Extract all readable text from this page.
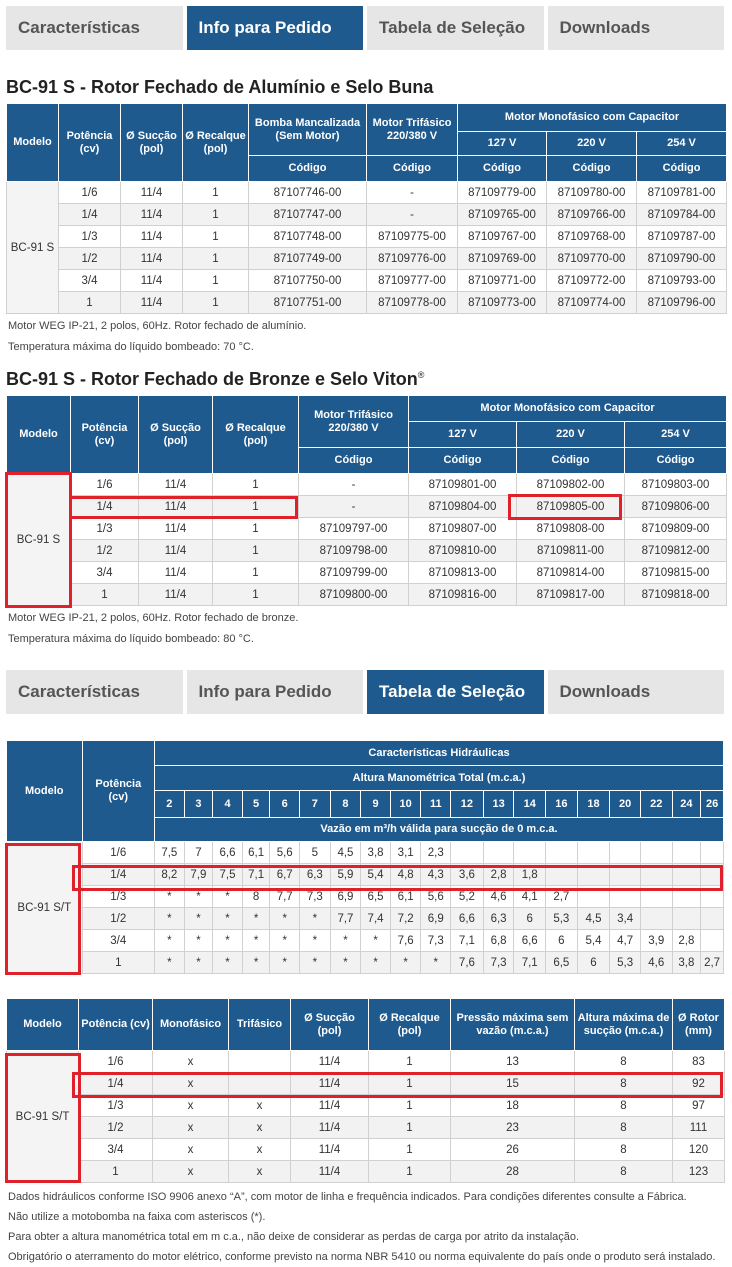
Características	Info para Pedido	Tabela de Seleção	Downloads
BC-91 S - Rotor Fechado de Alumínio e Selo Buna
Modelo	Potência (cv)	Ø Sucção (pol)	Ø Recalque (pol)	Bomba Mancalizada (Sem Motor)	Motor Trifásico 220/380 V	Motor Monofásico com Capacitor		
						127 V	220 V	254 V
				Código	Código	Código	Código	Código
BC-91 S	1/6	11/4	1	87107746-00	-	87109779-00	87109780-00	87109781-00
	1/4	11/4	1	87107747-00	-	87109765-00	87109766-00	87109784-00
	1/3	11/4	1	87107748-00	87109775-00	87109767-00	87109768-00	87109787-00
	1/2	11/4	1	87107749-00	87109776-00	87109769-00	87109770-00	87109790-00
	3/4	11/4	1	87107750-00	87109777-00	87109771-00	87109772-00	87109793-00
	1	11/4	1	87107751-00	87109778-00	87109773-00	87109774-00	87109796-00
Motor WEG IP-21, 2 polos, 60Hz. Rotor fechado de alumínio.
Temperatura máxima do líquido bombeado: 70 °C.
BC-91 S - Rotor Fechado de Bronze e Selo Viton®
Modelo	Potência (cv)	Ø Sucção (pol)	Ø Recalque (pol)	Motor Trifásico 220/380 V	Motor Monofásico com Capacitor		
					127 V	220 V	254 V
				Código	Código	Código	Código
BC-91 S	1/6	11/4	1	-	87109801-00	87109802-00	87109803-00
	1/4	11/4	1	-	87109804-00	87109805-00	87109806-00
	1/3	11/4	1	87109797-00	87109807-00	87109808-00	87109809-00
	1/2	11/4	1	87109798-00	87109810-00	87109811-00	87109812-00
	3/4	11/4	1	87109799-00	87109813-00	87109814-00	87109815-00
	1	11/4	1	87109800-00	87109816-00	87109817-00	87109818-00
Motor WEG IP-21, 2 polos, 60Hz. Rotor fechado de bronze.
Temperatura máxima do líquido bombeado: 80 °C.
Características	Info para Pedido	Tabela de Seleção	Downloads
Modelo	Potência (cv)	Características Hidráulicas																		
		Altura Manométrica Total (m.c.a.)																		
		2	3	4	5	6	7	8	9	10	11	12	13	14	16	18	20	22	24	26
		Vazão em m³/h válida para sucção de 0 m.c.a.																		
BC-91 S/T	1/6	7,5	7	6,6	6,1	5,6	5	4,5	3,8	3,1	2,3									
	1/4	8,2	7,9	7,5	7,1	6,7	6,3	5,9	5,4	4,8	4,3	3,6	2,8	1,8						
	1/3	*	*	*	8	7,7	7,3	6,9	6,5	6,1	5,6	5,2	4,6	4,1	2,7					
	1/2	*	*	*	*	*	*	7,7	7,4	7,2	6,9	6,6	6,3	6	5,3	4,5	3,4			
	3/4	*	*	*	*	*	*	*	*	7,6	7,3	7,1	6,8	6,6	6	5,4	4,7	3,9	2,8	
	1	*	*	*	*	*	*	*	*	*	*	7,6	7,3	7,1	6,5	6	5,3	4,6	3,8	2,7
Modelo	Potência (cv)	Monofásico	Trifásico	Ø Sucção (pol)	Ø Recalque (pol)	Pressão máxima sem vazão (m.c.a.)	Altura máxima de sucção (m.c.a.)	Ø Rotor (mm)
BC-91 S/T	1/6	x		11/4	1	13	8	83
	1/4	x		11/4	1	15	8	92
	1/3	x	x	11/4	1	18	8	97
	1/2	x	x	11/4	1	23	8	111
	3/4	x	x	11/4	1	26	8	120
	1	x	x	11/4	1	28	8	123
Dados hidráulicos conforme ISO 9906 anexo “A”, com motor de linha e frequência indicados. Para condições diferentes consulte a Fábrica.
Não utilize a motobomba na faixa com asteriscos (*).
Para obter a altura manométrica total em m c.a., não deixe de considerar as perdas de carga por atrito da instalação.
Obrigatório o aterramento do motor elétrico, conforme previsto na norma NBR 5410 ou norma equivalente do país onde o produto será instalado.
